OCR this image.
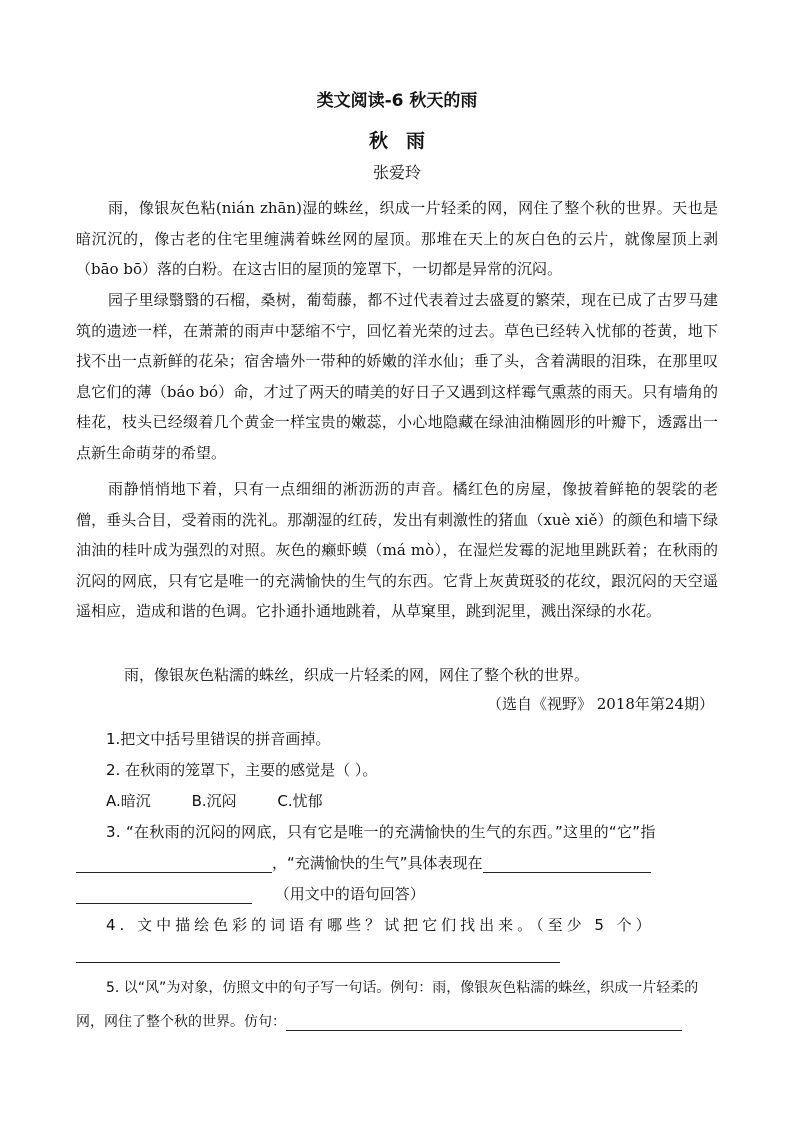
类文阅读-6 秋天的雨
秋雨
张爱玲

雨，像银灰色粘(nián zhān)湿的蛛丝，织成一片轻柔的网，网住了整个秋的世界。天也是暗沉沉的，像古老的住宅里缠满着蛛丝网的屋顶。那堆在天上的灰白色的云片，就像屋顶上剥（bāo bō）落的白粉。在这古旧的屋顶的笼罩下，一切都是异常的沉闷。

园子里绿翳翳的石榴，桑树，葡萄藤，都不过代表着过去盛夏的繁荣，现在已成了古罗马建筑的遗迹一样，在萧萧的雨声中瑟缩不宁，回忆着光荣的过去。草色已经转入忧郁的苍黄，地下找不出一点新鲜的花朵；宿舍墙外一带种的娇嫩的洋水仙；垂了头，含着满眼的泪珠，在那里叹息它们的薄（báo bó）命，才过了两天的晴美的好日子又遇到这样霉气熏蒸的雨天。只有墙角的桂花，枝头已经缀着几个黄金一样宝贵的嫩蕊，小心地隐藏在绿油油椭圆形的叶瓣下，透露出一点新生命萌芽的希望。

雨静悄悄地下着，只有一点细细的淅沥沥的声音。橘红色的房屋，像披着鲜艳的袈裟的老僧，垂头合目，受着雨的洗礼。那潮湿的红砖，发出有刺激性的猪血（xuè xiě）的颜色和墙下绿油油的桂叶成为强烈的对照。灰色的癞虾蟆（má mò），在湿烂发霉的泥地里跳跃着；在秋雨的沉闷的网底，只有它是唯一的充满愉快的生气的东西。它背上灰黄斑驳的花纹，跟沉闷的天空遥遥相应，造成和谐的色调。它扑通扑通地跳着，从草窠里，跳到泥里，溅出深绿的水花。

雨，像银灰色粘濡的蛛丝，织成一片轻柔的网，网住了整个秋的世界。

（选自《视野》 2018年第24期）
1.把文中括号里错误的拼音画掉。
2. 在秋雨的笼罩下，主要的感觉是（ ）。
A.暗沉	B.沉闷	C.忧郁
3. “在秋雨的沉闷的网底，只有它是唯一的充满愉快的生气的东西。”这里的“它”指
，“充满愉快的生气”具体表现在
（用文中的语句回答）
4. 文中描绘色彩的词语有哪些？试把它们找出来。（至少 5 个）
5. 以“风”为对象，仿照文中的句子写一句话。例句：雨，像银灰色粘濡的蛛丝，织成一片轻柔的
网，网住了整个秋的世界。仿句：
